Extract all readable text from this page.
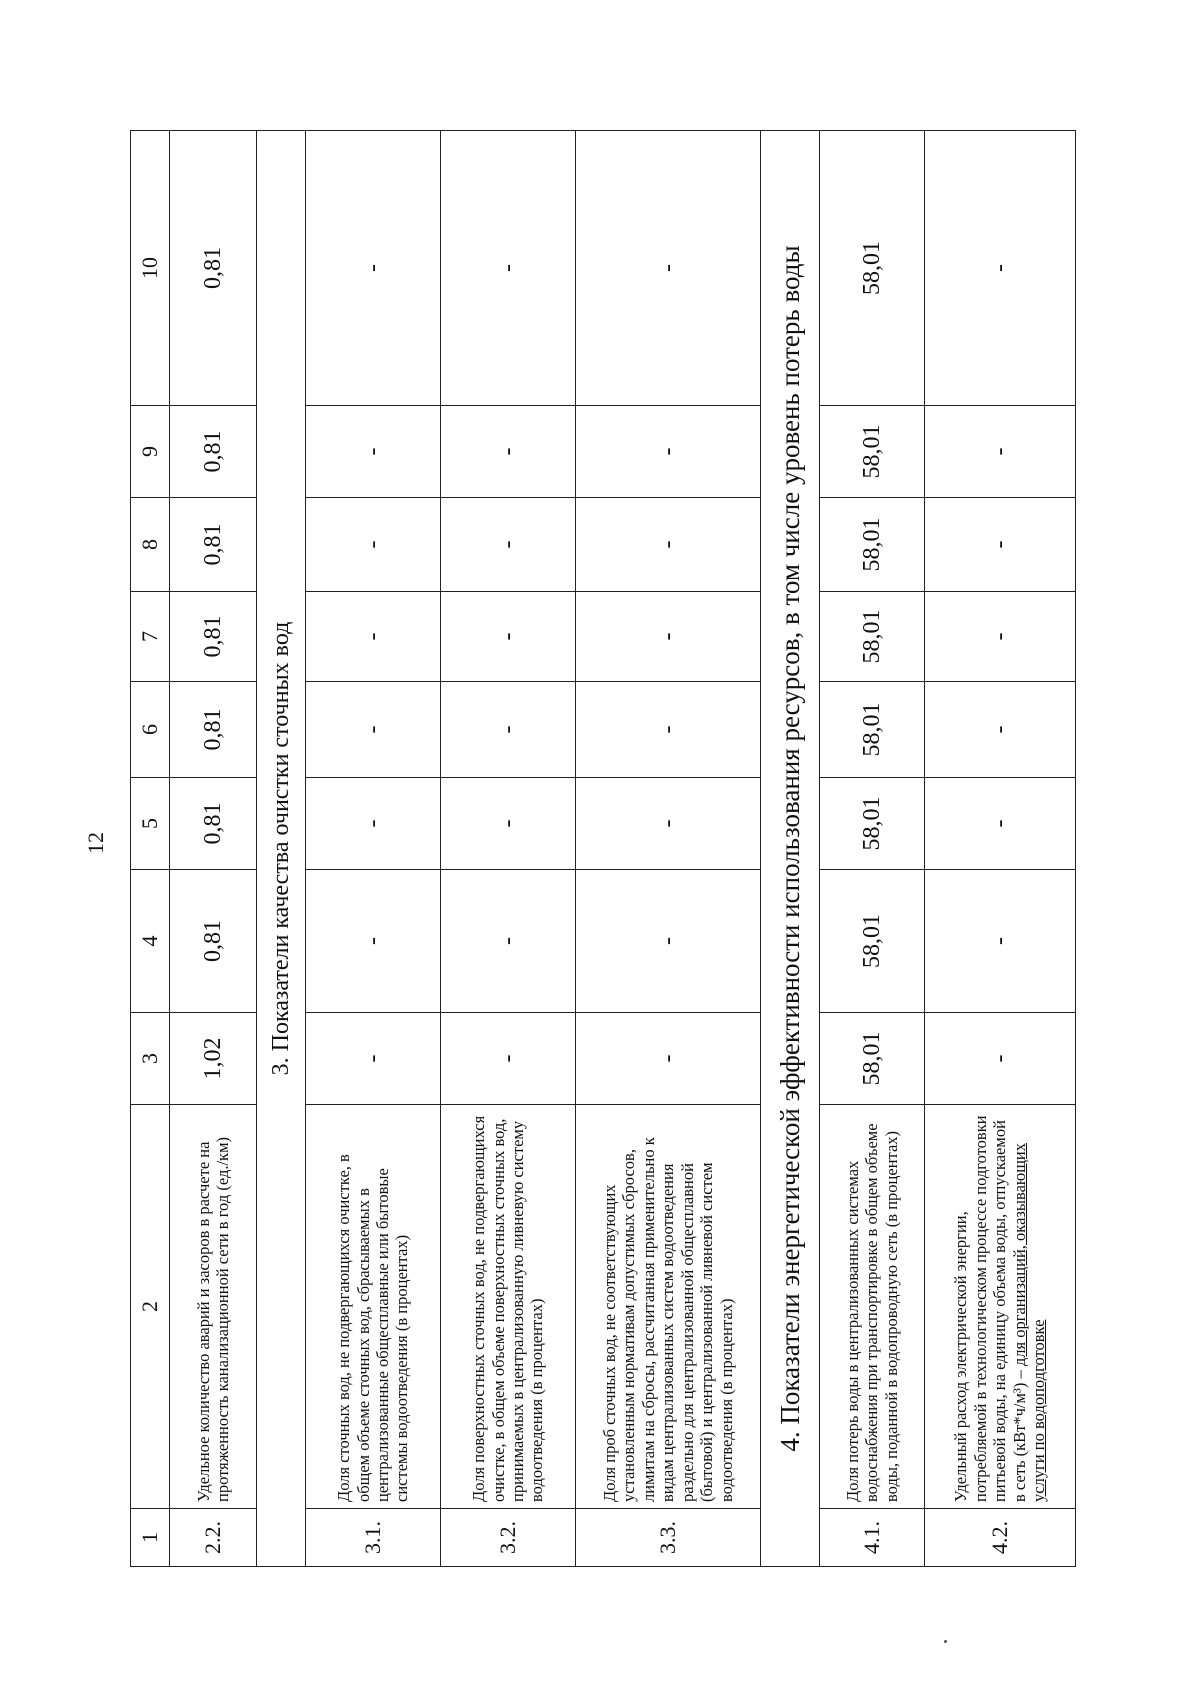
12
1	2	3	4	5	6	7	8	9	10
2.2.	Удельное количество аварий и засоров в расчете на протяженность канализационной сети в год (ед./км)	1,02	0,81	0,81	0,81	0,81	0,81	0,81	0,81
3. Показатели качества очистки сточных вод									
3.1.	Доля сточных вод, не подвергающихся очистке, в общем объеме сточных вод, сбрасываемых в централизованные общесплавные или бытовые системы водоотведения (в процентах)	-	-	-	-	-	-	-	-
3.2.	Доля поверхностных сточных вод, не подвергающихся очистке, в общем объеме поверхностных сточных вод, принимаемых в централизованную ливневую систему водоотведения (в процентах)	-	-	-	-	-	-	-	-
3.3.	Доля проб сточных вод, не соответствующих установленным нормативам допустимых сбросов, лимитам на сбросы, рассчитанная применительно к видам централизованных систем водоотведения раздельно для централизованной общесплавной (бытовой) и централизованной ливневой систем водоотведения (в процентах)	-	-	-	-	-	-	-	-
4. Показатели энергетической эффективности использования ресурсов, в том числе уровень потерь воды									
4.1.	Доля потерь воды в централизованных системах водоснабжения при транспортировке в общем объеме воды, поданной в водопроводную сеть (в процентах)	58,01	58,01	58,01	58,01	58,01	58,01	58,01	58,01
4.2.	Удельный расход электрической энергии, потребляемой в технологическом процессе подготовки питьевой воды, на единицу объема воды, отпускаемой в сеть (кВт*ч/м³) – для организаций, оказывающих услуги по водоподготовке	-	-	-	-	-	-	-	-
